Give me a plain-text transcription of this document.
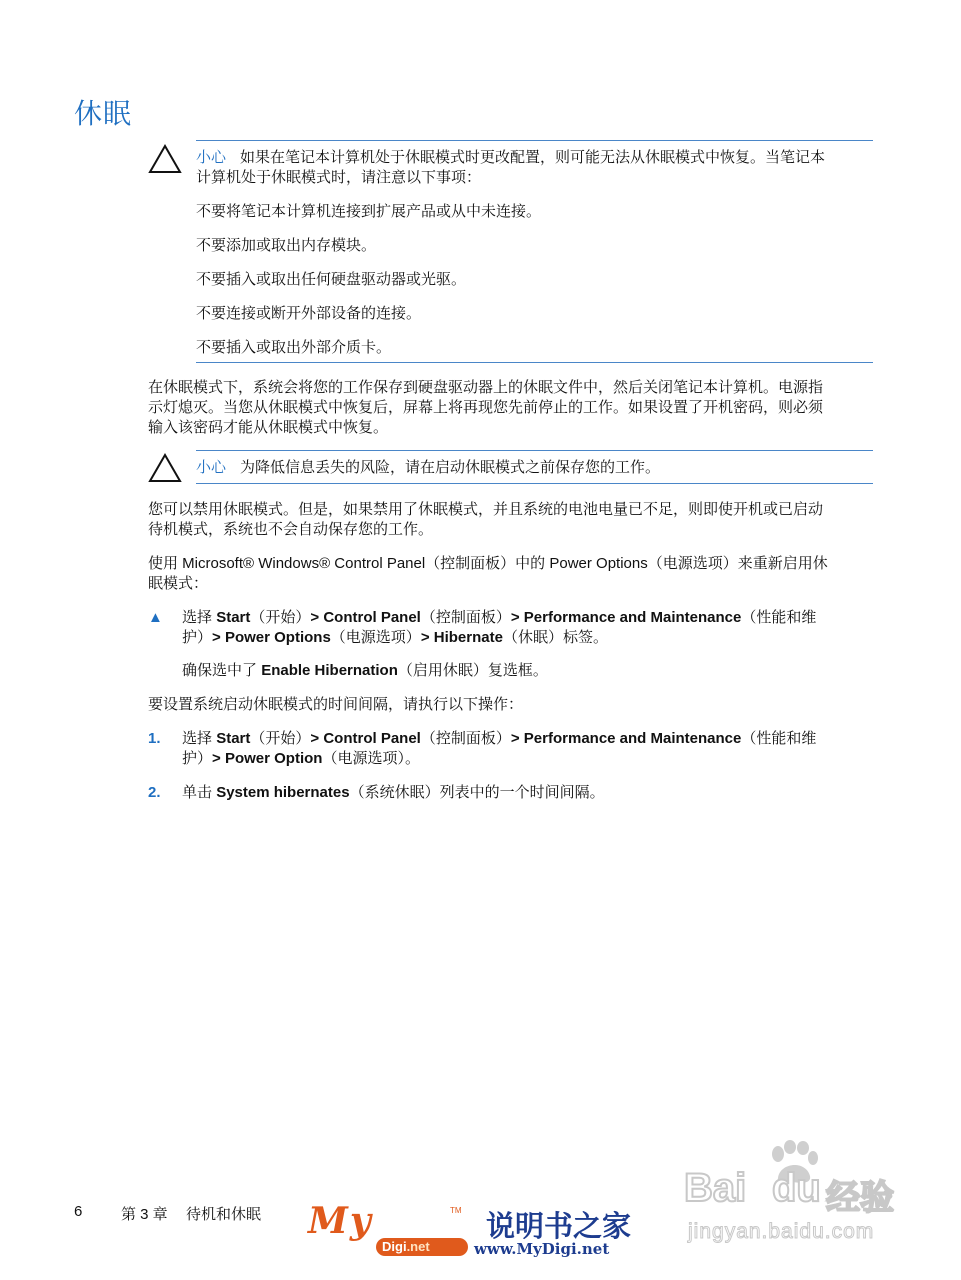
休眠
小心 如果在笔记本计算机处于休眠模式时更改配置，则可能无法从休眠模式中恢复。当笔记本
计算机处于休眠模式时，请注意以下事项：
不要将笔记本计算机连接到扩展产品或从中未连接。
不要添加或取出内存模块。
不要插入或取出任何硬盘驱动器或光驱。
不要连接或断开外部设备的连接。
不要插入或取出外部介质卡。
在休眠模式下，系统会将您的工作保存到硬盘驱动器上的休眠文件中，然后关闭笔记本计算机。电源指
示灯熄灭。当您从休眠模式中恢复后，屏幕上将再现您先前停止的工作。如果设置了开机密码，则必须
输入该密码才能从休眠模式中恢复。
小心 为降低信息丢失的风险，请在启动休眠模式之前保存您的工作。
您可以禁用休眠模式。但是，如果禁用了休眠模式，并且系统的电池电量已不足，则即使开机或已启动
待机模式，系统也不会自动保存您的工作。
使用 Microsoft® Windows® Control Panel（控制面板）中的 Power Options（电源选项）来重新启用休
眠模式：
▲ 选择 Start（开始）> Control Panel（控制面板）> Performance and Maintenance（性能和维
护）> Power Options（电源选项）> Hibernate（休眠）标签。
确保选中了 Enable Hibernation（启用休眠）复选框。
要设置系统启动休眠模式的时间间隔，请执行以下操作：
1. 选择 Start（开始）> Control Panel（控制面板）> Performance and Maintenance（性能和维
护）> Power Option（电源选项）。
2. 单击 System hibernates（系统休眠）列表中的一个时间间隔。
6	第 3 章 待机和休眠 My	TM
Digi.net
说明书之家
www.MyDigi.net
Bai du 经验
jingyan.baidu.com
